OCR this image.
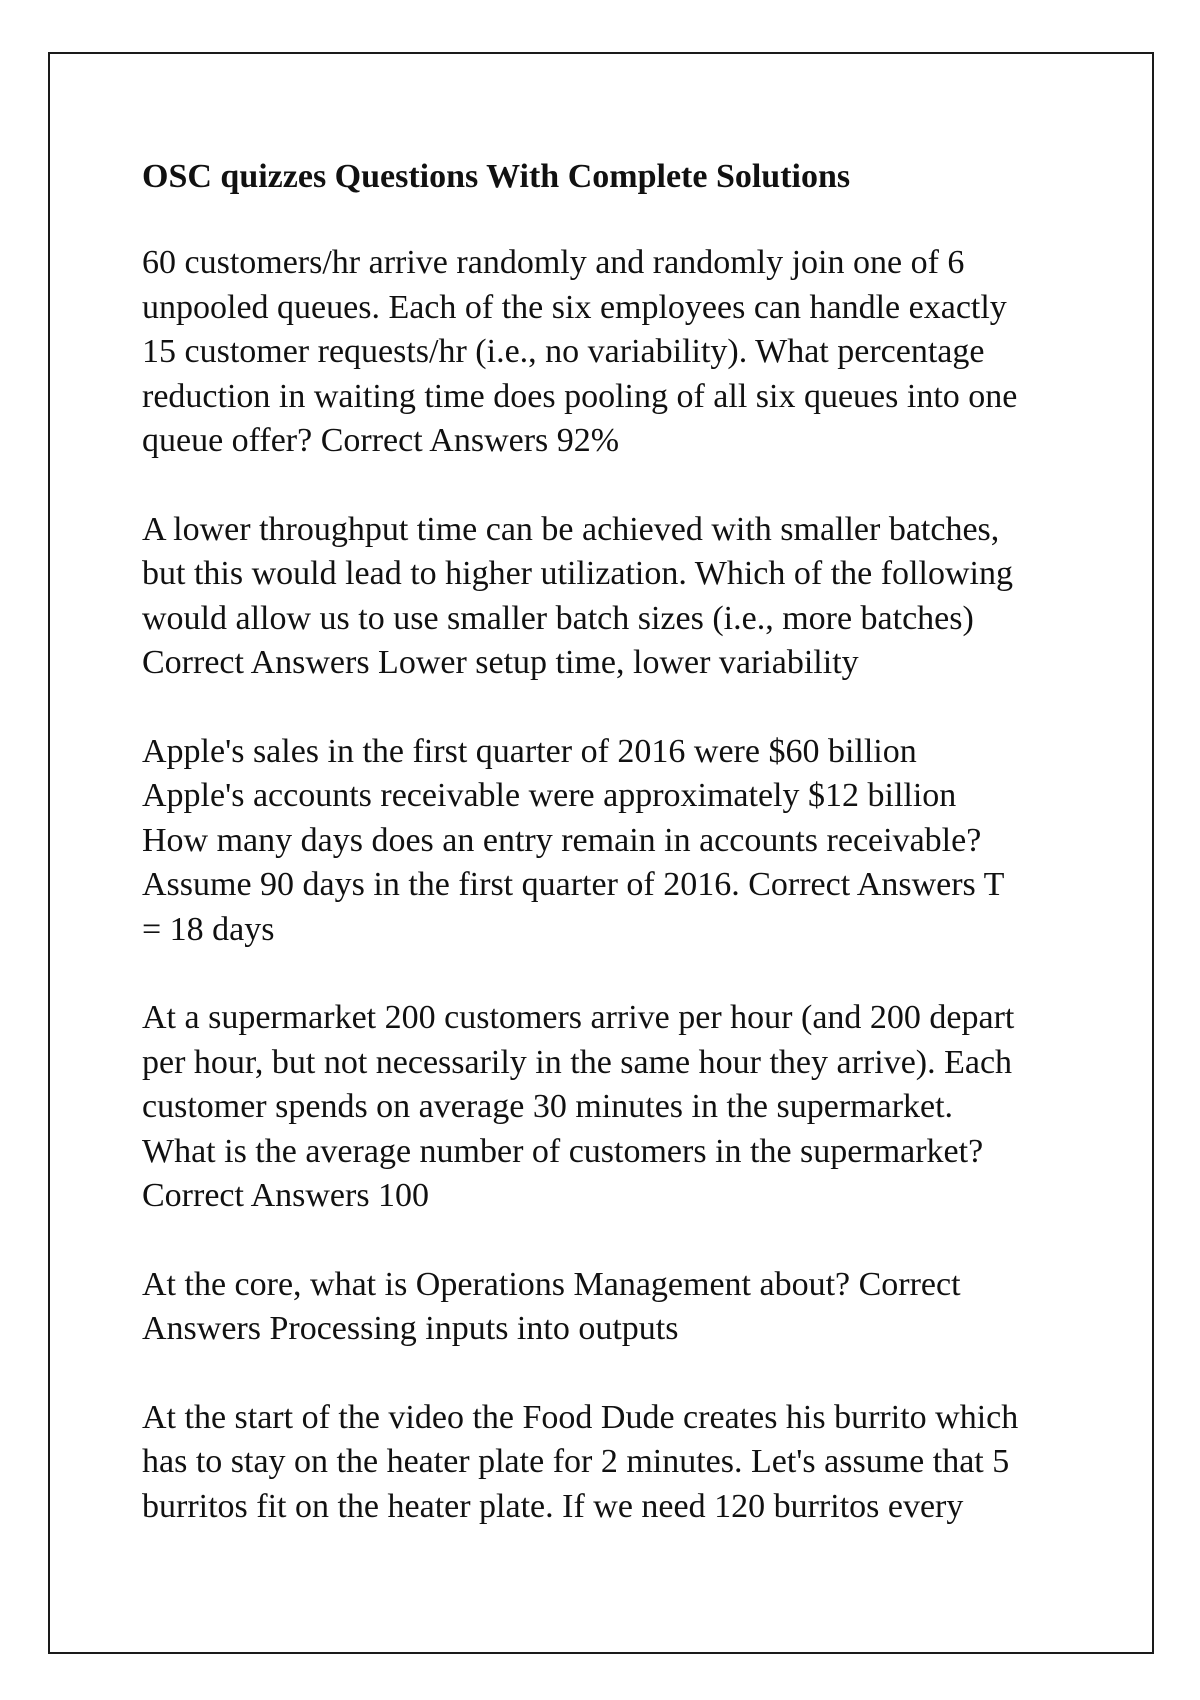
OSC quizzes Questions With Complete Solutions
60 customers/hr arrive randomly and randomly join one of 6
unpooled queues. Each of the six employees can handle exactly
15 customer requests/hr (i.e., no variability). What percentage
reduction in waiting time does pooling of all six queues into one
queue offer? Correct Answers 92%
A lower throughput time can be achieved with smaller batches,
but this would lead to higher utilization. Which of the following
would allow us to use smaller batch sizes (i.e., more batches)
Correct Answers Lower setup time, lower variability
Apple's sales in the first quarter of 2016 were $60 billion
Apple's accounts receivable were approximately $12 billion
How many days does an entry remain in accounts receivable?
Assume 90 days in the first quarter of 2016. Correct Answers T
= 18 days
At a supermarket 200 customers arrive per hour (and 200 depart
per hour, but not necessarily in the same hour they arrive). Each
customer spends on average 30 minutes in the supermarket.
What is the average number of customers in the supermarket?
Correct Answers 100
At the core, what is Operations Management about? Correct
Answers Processing inputs into outputs
At the start of the video the Food Dude creates his burrito which
has to stay on the heater plate for 2 minutes. Let's assume that 5
burritos fit on the heater plate. If we need 120 burritos every
